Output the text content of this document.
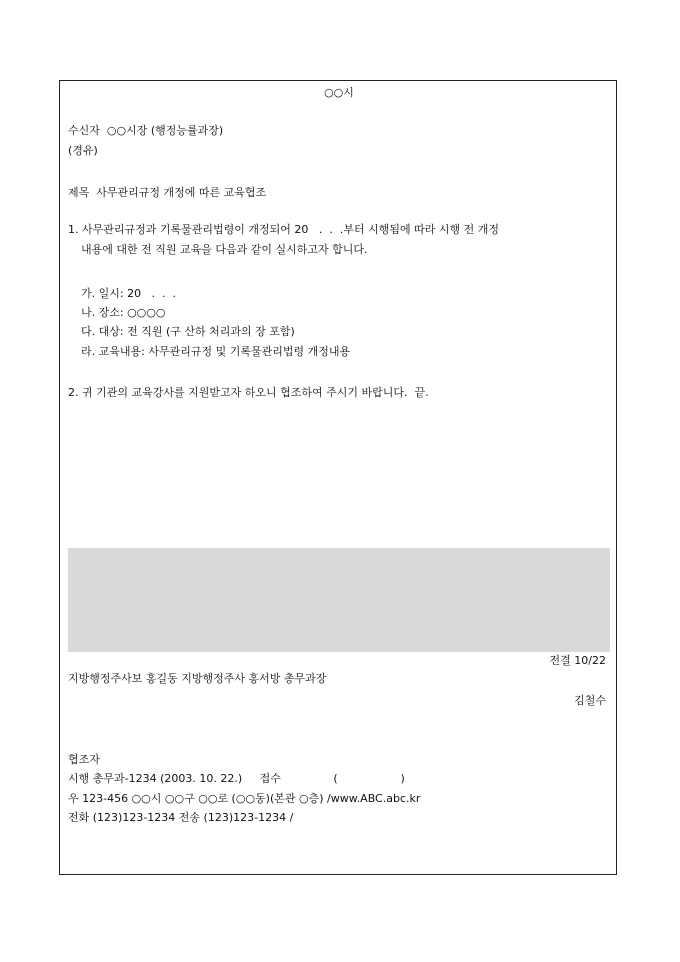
○○시
수신자 ○○시장 (행정능률과장)
(경유)
제목 사무관리규정 개정에 따른 교육협조
1. 사무관리규정과 기록물관리법령이 개정되어 20   .  .  .부터 시행됨에 따라 시행 전 개정
내용에 대한 전 직원 교육을 다음과 같이 실시하고자 합니다.
가. 일시: 20   .  .  .
나. 장소: ○○○○
다. 대상: 전 직원 (구 산하 처리과의 장 포함)
라. 교육내용: 사무관리규정 및 기록물관리법령 개정내용
2. 귀 기관의 교육강사를 지원받고자 하오니 협조하여 주시기 바랍니다.  끝.
전결 10/22
지방행정주사보 홍길동 지방행정주사 홍서방 총무과장
김철수
협조자
시행 총무과-1234 (2003. 10. 22.)     접수               (                  )
우 123-456 ○○시 ○○구 ○○로 (○○동)(본관 ○층) /www.ABC.abc.kr
전화 (123)123-1234 전송 (123)123-1234 /
